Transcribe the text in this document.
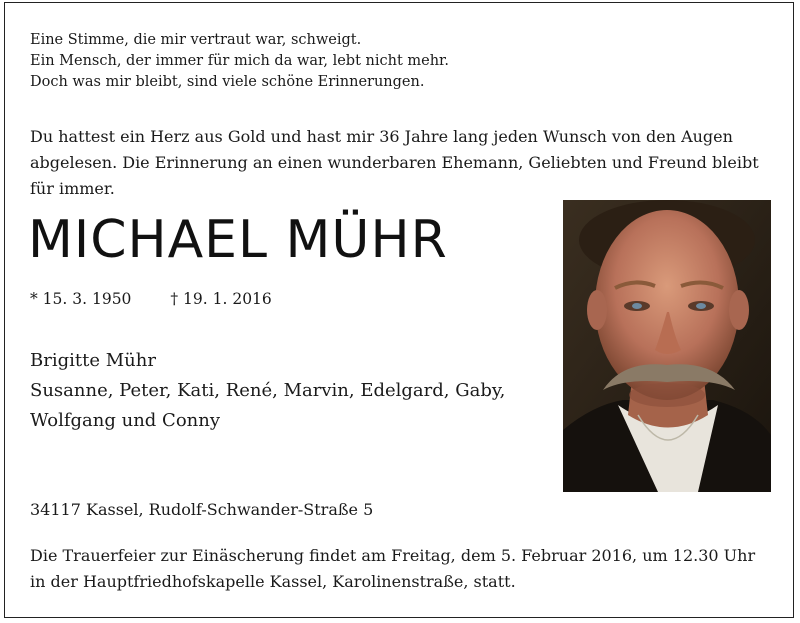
Eine Stimme, die mir vertraut war, schweigt.

Ein Mensch, der immer für mich da war, lebt nicht mehr.

Doch was mir bleibt, sind viele schöne Erinnerungen.

Du hattest ein Herz aus Gold und hast mir 36 Jahre lang jeden Wunsch von den Augen

abgelesen. Die Erinnerung an einen wunderbaren Ehemann, Geliebten und Freund bleibt

für immer.

MICHAEL MÜHR
* 15. 3. 1950	† 19. 1. 2016

Brigitte Mühr

Susanne, Peter, Kati, René, Marvin, Edelgard, Gaby,

Wolfgang und Conny

34117 Kassel, Rudolf-Schwander-Straße 5

Die Trauerfeier zur Einäscherung findet am Freitag, dem 5. Februar 2016, um 12.30 Uhr

in der Hauptfriedhofskapelle Kassel, Karolinenstraße, statt.
